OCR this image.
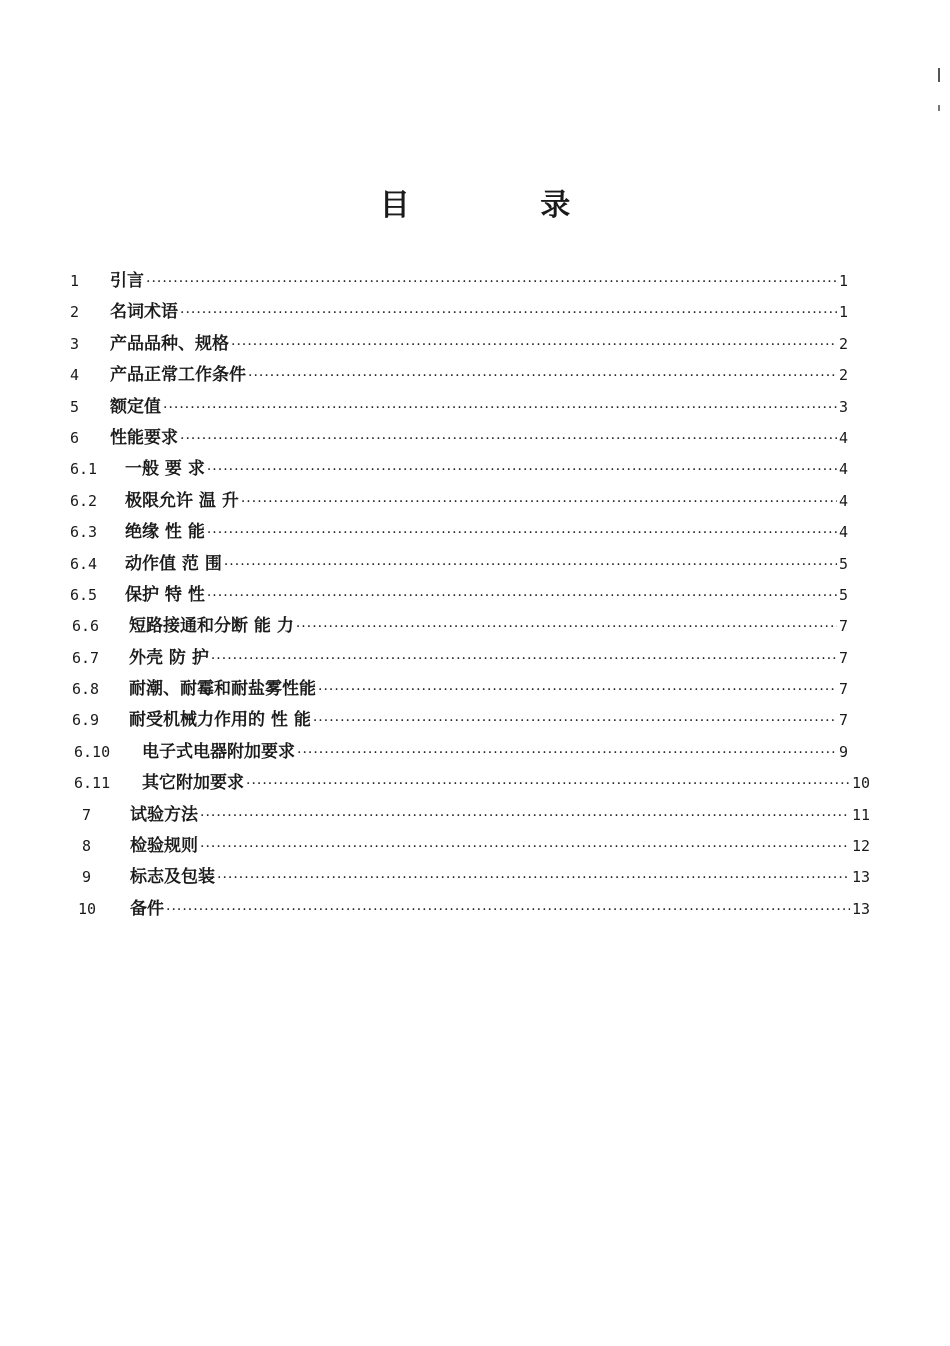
目 录
1	引言 ·····	1
2	名词术语 ·····	1
3	产品品种、规格 ·····	2
4	产品正常工作条件 ·····	2
5	额定值 ·····	3
6	性能要求 ·····	4
6.1	一般 要 求 ·····	4
6.2	极限允许 温 升 ·····	4
6.3	绝缘 性 能 ·····	4
6.4	动作值 范 围 ·····	5
6.5	保护 特 性 ·····	5
6.6	短路接通和分断 能 力 ·····	7
6.7	外壳 防 护 ·····	7
6.8	耐潮、耐霉和耐盐雾性能 ·····	7
6.9	耐受机械力作用的 性 能 ·····	7
6.10	电子式电器附加要求 ·····	9
6.11	其它附加要求 ·····	10
7	试验方法 ·····	11
8	检验规则 ·····	12
9	标志及包装 ·····	13
10	备件 ·····	13
